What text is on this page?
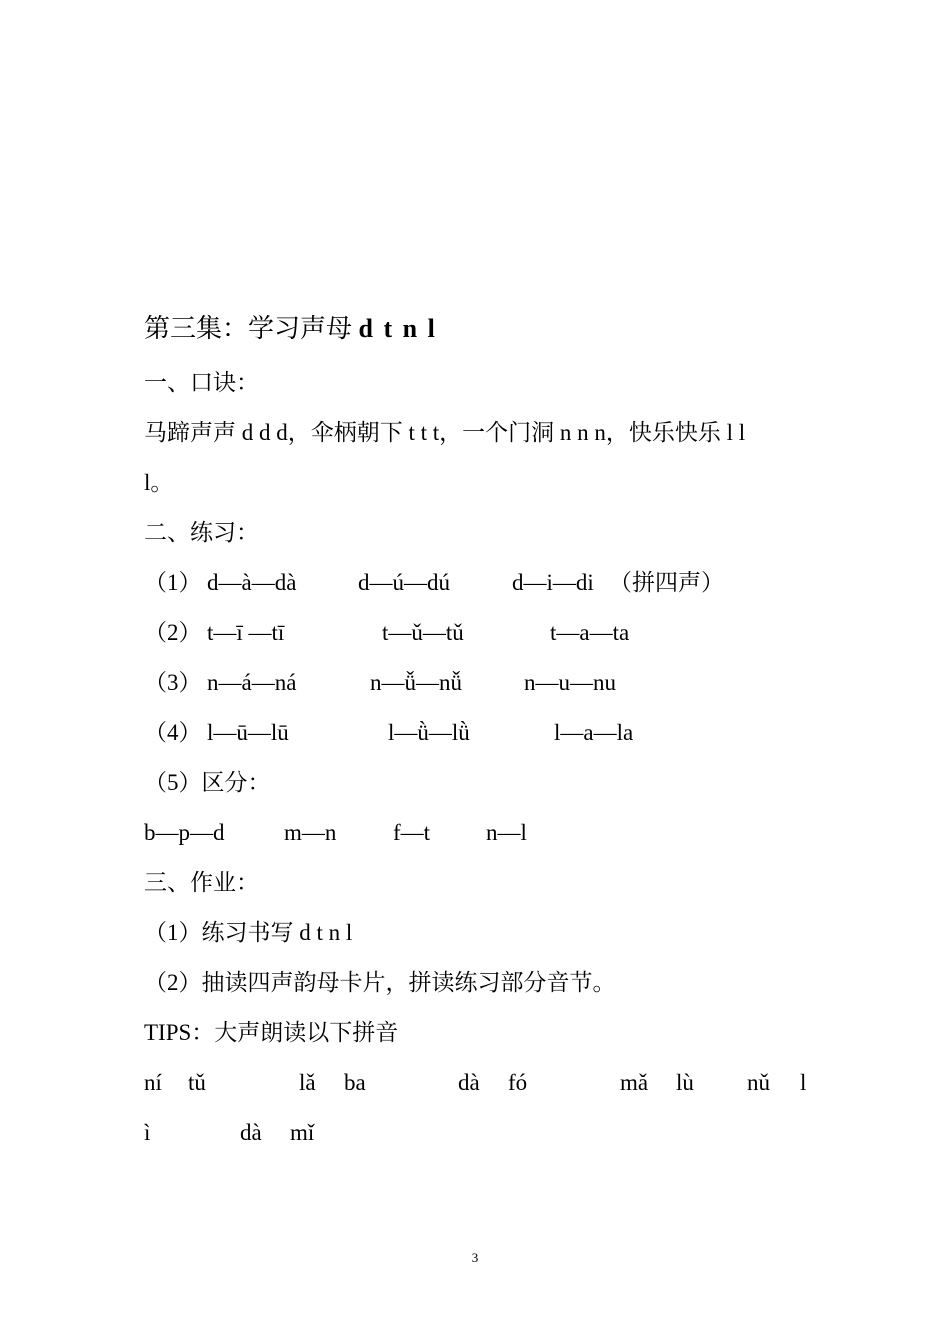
第三集：学习声母 d t n l
一、口诀：
马蹄声声 d d d，伞柄朝下 t t t，一个门洞 n n n，快乐快乐 l l
l。
二、练习：
（1） d—à—dà	d—ú—dú	d—i—di （拼四声）
（2） t—ī —tī	t—ǔ—tǔ	t—a—ta
（3） n—á—ná	n—ǚ—nǚ	n—u—nu
（4） l—ū—lū	l—ǜ—lǜ	l—a—la
（5）区分：
b—p—d	m—n f—t n—l
三、作业：
（1）练习书写 d t n l
（2）抽读四声韵母卡片，拼读练习部分音节。
TIPS：大声朗读以下拼音
ní tǔ	lǎ ba	dà fó	mǎ lù nǔ l
ì	dà mǐ
3
